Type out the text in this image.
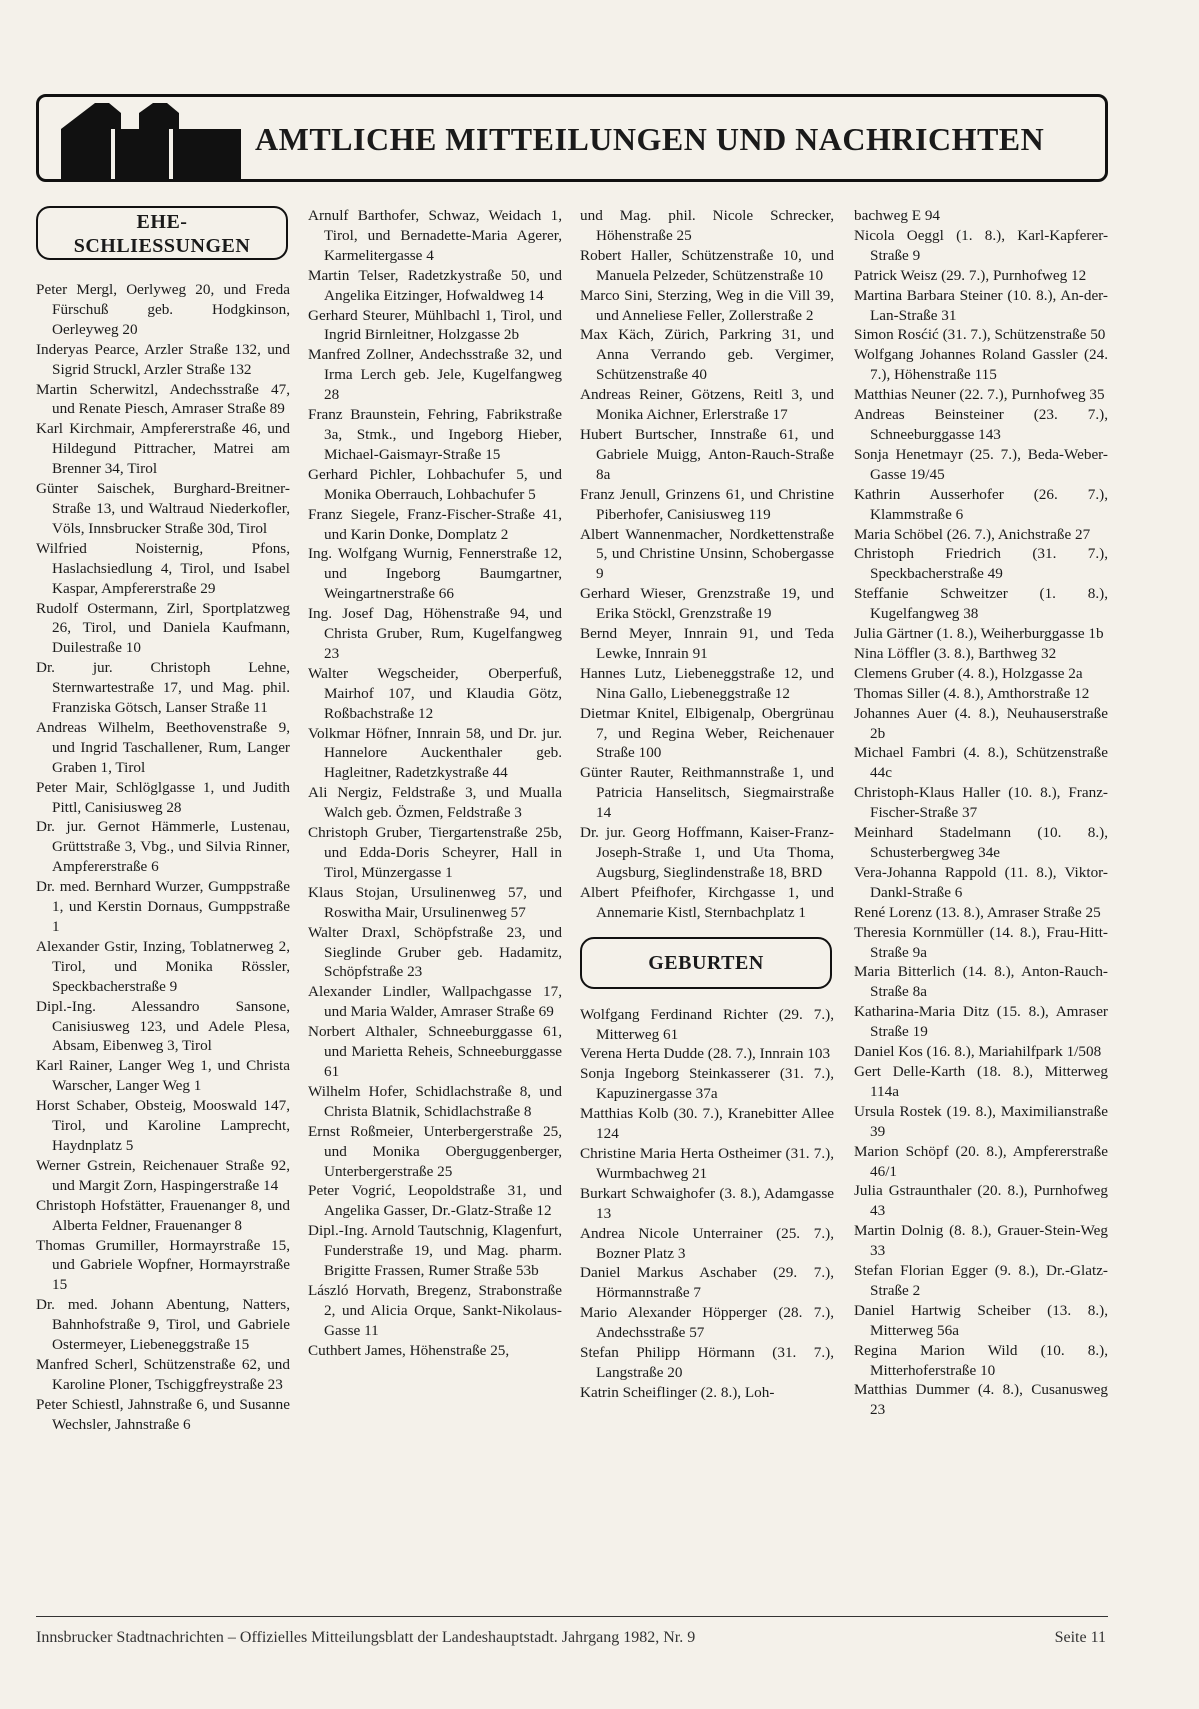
AMTLICHE MITTEILUNGEN UND NACHRICHTEN
EHE-
SCHLIESSUNGEN
Peter Mergl, Oerlyweg 20, und Freda Fürschuß geb. Hodgkinson, Oerleyweg 20
Inderyas Pearce, Arzler Straße 132, und Sigrid Struckl, Arzler Straße 132
Martin Scherwitzl, Andechsstraße 47, und Renate Piesch, Amraser Straße 89
Karl Kirchmair, Ampfererstraße 46, und Hildegund Pittracher, Matrei am Brenner 34, Tirol
Günter Saischek, Burghard-Breitner-Straße 13, und Waltraud Niederkofler, Völs, Innsbrucker Straße 30d, Tirol
Wilfried Noisternig, Pfons, Haslachsiedlung 4, Tirol, und Isabel Kaspar, Ampfererstraße 29
Rudolf Ostermann, Zirl, Sportplatzweg 26, Tirol, und Daniela Kaufmann, Duilestraße 10
Dr. jur. Christoph Lehne, Sternwartestraße 17, und Mag. phil. Franziska Götsch, Lanser Straße 11
Andreas Wilhelm, Beethovenstraße 9, und Ingrid Taschallener, Rum, Langer Graben 1, Tirol
Peter Mair, Schlöglgasse 1, und Judith Pittl, Canisiusweg 28
Dr. jur. Gernot Hämmerle, Lustenau, Grüttstraße 3, Vbg., und Silvia Rinner, Ampfererstraße 6
Dr. med. Bernhard Wurzer, Gumppstraße 1, und Kerstin Dornaus, Gumppstraße 1
Alexander Gstir, Inzing, Toblatnerweg 2, Tirol, und Monika Rössler, Speckbacherstraße 9
Dipl.-Ing. Alessandro Sansone, Canisiusweg 123, und Adele Plesa, Absam, Eibenweg 3, Tirol
Karl Rainer, Langer Weg 1, und Christa Warscher, Langer Weg 1
Horst Schaber, Obsteig, Mooswald 147, Tirol, und Karoline Lamprecht, Haydnplatz 5
Werner Gstrein, Reichenauer Straße 92, und Margit Zorn, Haspingerstraße 14
Christoph Hofstätter, Frauenanger 8, und Alberta Feldner, Frauenanger 8
Thomas Grumiller, Hormayrstraße 15, und Gabriele Wopfner, Hormayrstraße 15
Dr. med. Johann Abentung, Natters, Bahnhofstraße 9, Tirol, und Gabriele Ostermeyer, Liebeneggstraße 15
Manfred Scherl, Schützenstraße 62, und Karoline Ploner, Tschiggfreystraße 23
Peter Schiestl, Jahnstraße 6, und Susanne Wechsler, Jahnstraße 6
Arnulf Barthofer, Schwaz, Weidach 1, Tirol, und Bernadette-Maria Agerer, Karmelitergasse 4
Martin Telser, Radetzkystraße 50, und Angelika Eitzinger, Hofwaldweg 14
Gerhard Steurer, Mühlbachl 1, Tirol, und Ingrid Birnleitner, Holzgasse 2b
Manfred Zollner, Andechsstraße 32, und Irma Lerch geb. Jele, Kugelfangweg 28
Franz Braunstein, Fehring, Fabrikstraße 3a, Stmk., und Ingeborg Hieber, Michael-Gaismayr-Straße 15
Gerhard Pichler, Lohbachufer 5, und Monika Oberrauch, Lohbachufer 5
Franz Siegele, Franz-Fischer-Straße 41, und Karin Donke, Domplatz 2
Ing. Wolfgang Wurnig, Fennerstraße 12, und Ingeborg Baumgartner, Weingartnerstraße 66
Ing. Josef Dag, Höhenstraße 94, und Christa Gruber, Rum, Kugelfangweg 23
Walter Wegscheider, Oberperfuß, Mairhof 107, und Klaudia Götz, Roßbachstraße 12
Volkmar Höfner, Innrain 58, und Dr. jur. Hannelore Auckenthaler geb. Hagleitner, Radetzkystraße 44
Ali Nergiz, Feldstraße 3, und Mualla Walch geb. Özmen, Feldstraße 3
Christoph Gruber, Tiergartenstraße 25b, und Edda-Doris Scheyrer, Hall in Tirol, Münzergasse 1
Klaus Stojan, Ursulinenweg 57, und Roswitha Mair, Ursulinenweg 57
Walter Draxl, Schöpfstraße 23, und Sieglinde Gruber geb. Hadamitz, Schöpfstraße 23
Alexander Lindler, Wallpachgasse 17, und Maria Walder, Amraser Straße 69
Norbert Althaler, Schneeburggasse 61, und Marietta Reheis, Schneeburggasse 61
Wilhelm Hofer, Schidlachstraße 8, und Christa Blatnik, Schidlachstraße 8
Ernst Roßmeier, Unterbergerstraße 25, und Monika Oberguggenberger, Unterbergerstraße 25
Peter Vogrić, Leopoldstraße 31, und Angelika Gasser, Dr.-Glatz-Straße 12
Dipl.-Ing. Arnold Tautschnig, Klagenfurt, Funderstraße 19, und Mag. pharm. Brigitte Frassen, Rumer Straße 53b
László Horvath, Bregenz, Strabonstraße 2, und Alicia Orque, Sankt-Nikolaus-Gasse 11
Cuthbert James, Höhenstraße 25,
und Mag. phil. Nicole Schrecker, Höhenstraße 25
Robert Haller, Schützenstraße 10, und Manuela Pelzeder, Schützenstraße 10
Marco Sini, Sterzing, Weg in die Vill 39, und Anneliese Feller, Zollerstraße 2
Max Käch, Zürich, Parkring 31, und Anna Verrando geb. Vergimer, Schützenstraße 40
Andreas Reiner, Götzens, Reitl 3, und Monika Aichner, Erlerstraße 17
Hubert Burtscher, Innstraße 61, und Gabriele Muigg, Anton-Rauch-Straße 8a
Franz Jenull, Grinzens 61, und Christine Piberhofer, Canisiusweg 119
Albert Wannenmacher, Nordkettenstraße 5, und Christine Unsinn, Schobergasse 9
Gerhard Wieser, Grenzstraße 19, und Erika Stöckl, Grenzstraße 19
Bernd Meyer, Innrain 91, und Teda Lewke, Innrain 91
Hannes Lutz, Liebeneggstraße 12, und Nina Gallo, Liebeneggstraße 12
Dietmar Knitel, Elbigenalp, Obergrünau 7, und Regina Weber, Reichenauer Straße 100
Günter Rauter, Reithmannstraße 1, und Patricia Hanselitsch, Siegmairstraße 14
Dr. jur. Georg Hoffmann, Kaiser-Franz-Joseph-Straße 1, und Uta Thoma, Augsburg, Sieglindenstraße 18, BRD
Albert Pfeifhofer, Kirchgasse 1, und Annemarie Kistl, Sternbachplatz 1
GEBURTEN
Wolfgang Ferdinand Richter (29. 7.), Mitterweg 61
Verena Herta Dudde (28. 7.), Innrain 103
Sonja Ingeborg Steinkasserer (31. 7.), Kapuzinergasse 37a
Matthias Kolb (30. 7.), Kranebitter Allee 124
Christine Maria Herta Ostheimer (31. 7.), Wurmbachweg 21
Burkart Schwaighofer (3. 8.), Adamgasse 13
Andrea Nicole Unterrainer (25. 7.), Bozner Platz 3
Daniel Markus Aschaber (29. 7.), Hörmannstraße 7
Mario Alexander Höpperger (28. 7.), Andechsstraße 57
Stefan Philipp Hörmann (31. 7.), Langstraße 20
Katrin Scheiflinger (2. 8.), Loh-
bachweg E 94
Nicola Oeggl (1. 8.), Karl-Kapferer-Straße 9
Patrick Weisz (29. 7.), Purnhofweg 12
Martina Barbara Steiner (10. 8.), An-der-Lan-Straße 31
Simon Rosćić (31. 7.), Schützenstraße 50
Wolfgang Johannes Roland Gassler (24. 7.), Höhenstraße 115
Matthias Neuner (22. 7.), Purnhofweg 35
Andreas Beinsteiner (23. 7.), Schneeburggasse 143
Sonja Henetmayr (25. 7.), Beda-Weber-Gasse 19/45
Kathrin Ausserhofer (26. 7.), Klammstraße 6
Maria Schöbel (26. 7.), Anichstraße 27
Christoph Friedrich (31. 7.), Speckbacherstraße 49
Steffanie Schweitzer (1. 8.), Kugelfangweg 38
Julia Gärtner (1. 8.), Weiherburggasse 1b
Nina Löffler (3. 8.), Barthweg 32
Clemens Gruber (4. 8.), Holzgasse 2a
Thomas Siller (4. 8.), Amthorstraße 12
Johannes Auer (4. 8.), Neuhauserstraße 2b
Michael Fambri (4. 8.), Schützenstraße 44c
Christoph-Klaus Haller (10. 8.), Franz-Fischer-Straße 37
Meinhard Stadelmann (10. 8.), Schusterbergweg 34e
Vera-Johanna Rappold (11. 8.), Viktor-Dankl-Straße 6
René Lorenz (13. 8.), Amraser Straße 25
Theresia Kornmüller (14. 8.), Frau-Hitt-Straße 9a
Maria Bitterlich (14. 8.), Anton-Rauch-Straße 8a
Katharina-Maria Ditz (15. 8.), Amraser Straße 19
Daniel Kos (16. 8.), Mariahilfpark 1/508
Gert Delle-Karth (18. 8.), Mitterweg 114a
Ursula Rostek (19. 8.), Maximilianstraße 39
Marion Schöpf (20. 8.), Ampfererstraße 46/1
Julia Gstraunthaler (20. 8.), Purnhofweg 43
Martin Dolnig (8. 8.), Grauer-Stein-Weg 33
Stefan Florian Egger (9. 8.), Dr.-Glatz-Straße 2
Daniel Hartwig Scheiber (13. 8.), Mitterweg 56a
Regina Marion Wild (10. 8.), Mitterhoferstraße 10
Matthias Dummer (4. 8.), Cusanusweg 23
Innsbrucker Stadtnachrichten – Offizielles Mitteilungsblatt der Landeshauptstadt. Jahrgang 1982, Nr. 9	Seite 11
